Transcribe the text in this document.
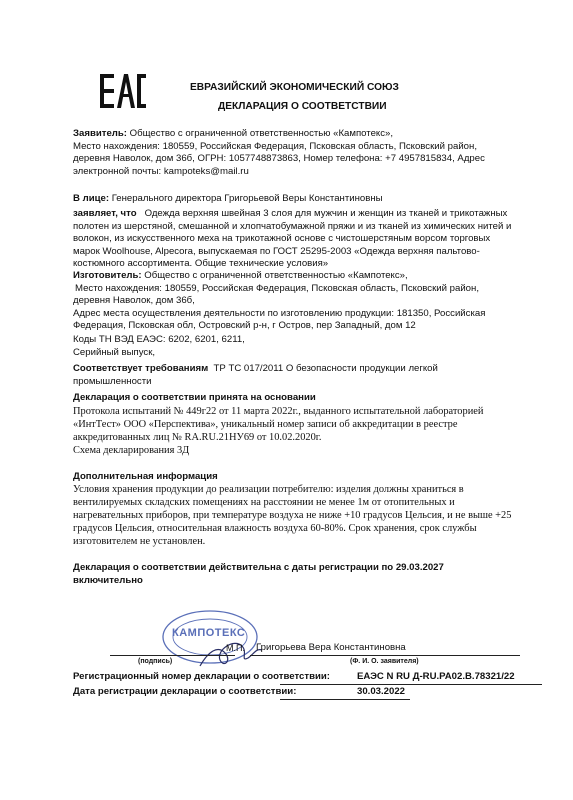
ЕВРАЗИЙСКИЙ ЭКОНОМИЧЕСКИЙ СОЮЗ
ДЕКЛАРАЦИЯ О СООТВЕТСТВИИ
Заявитель: Общество с ограниченной ответственностью «Кампотекс»,
Место нахождения: 180559, Российская Федерация, Псковская область, Псковский район,
деревня Наволок, дом 36б, ОГРН: 1057748873863, Номер телефона: +7 4957815834, Адрес
электронной почты: kampoteks@mail.ru
В лице: Генерального директора Григорьевой Веры Константиновны
заявляет, что Одежда верхняя швейная 3 слоя для мужчин и женщин из тканей и трикотажных
полотен из шерстяной, смешанной и хлопчатобумажной пряжи и из тканей из химических нитей и
волокон, из искусственного меха на трикотажной основе с чистошерстяным ворсом торговых
марок Woolhouse, Alpecora, выпускаемая по ГОСТ 25295-2003 «Одежда верхняя пальтово-
костюмного ассортимента. Общие технические условия»
Изготовитель: Общество с ограниченной ответственностью «Кампотекс»,
Место нахождения: 180559, Российская Федерация, Псковская область, Псковский район,
деревня Наволок, дом 36б,
Адрес места осуществления деятельности по изготовлению продукции: 181350, Российская
Федерация, Псковская обл, Островский р-н, г Остров, пер Западный, дом 12
Коды ТН ВЭД ЕАЭС: 6202, 6201, 6211,
Серийный выпуск,
Соответствует требованиям ТР ТС 017/2011 О безопасности продукции легкой
промышленности
Декларация о соответствии принята на основании
Протокола испытаний № 449г22 от 11 марта 2022г., выданного испытательной лабораторией
«ИнтТест» ООО «Перспектива», уникальный номер записи об аккредитации в реестре
аккредитованных лиц № RA.RU.21НУ69 от 10.02.2020г.
Схема декларирования 3Д
Дополнительная информация
Условия хранения продукции до реализации потребителю: изделия должны храниться в
вентилируемых складских помещениях на расстоянии не менее 1м от отопительных и
нагревательных приборов, при температуре воздуха не ниже +10 градусов Цельсия, и не выше +25
градусов Цельсия, относительная влажность воздуха 60-80%. Срок хранения, срок службы
изготовителем не установлен.
Декларация о соответствии действительна с даты регистрации по 29.03.2027
включительно
КАМПОТЕКС
М.П. Григорьева Вера Константиновна
(подпись)	(Ф. И. О. заявителя)
Регистрационный номер декларации о соответствии:	ЕАЭС N RU Д-RU.РА02.В.78321/22
Дата регистрации декларации о соответствии:	30.03.2022
